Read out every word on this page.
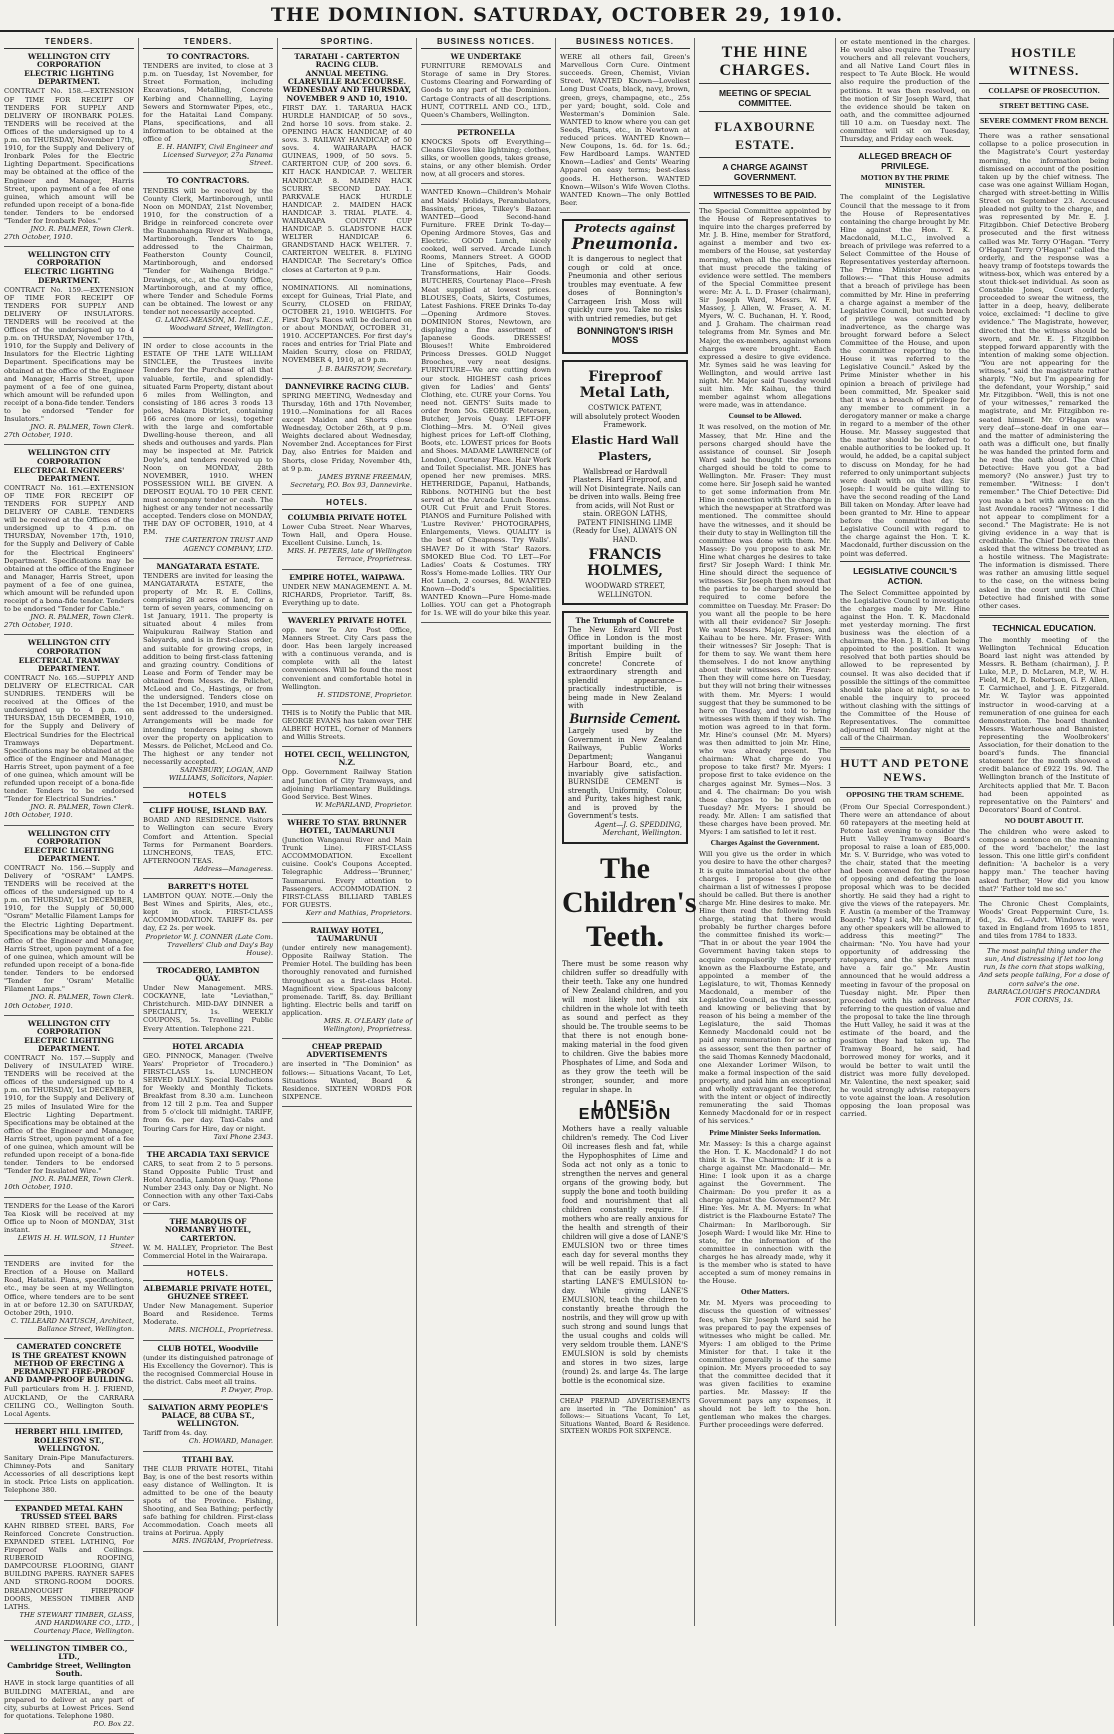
THE DOMINION. SATURDAY, OCTOBER 29, 1910.
TENDERS.
WELLINGTON CITY CORPORATION
ELECTRIC LIGHTING DEPARTMENT.
CONTRACT No. 158.—EXTENSION OF TIME FOR RECEIPT OF TENDERS FOR SUPPLY AND DELIVERY OF IRONBARK POLES. TENDERS will be received at the Offices of the undersigned up to 4 p.m. on THURSDAY, November 17th, 1910, for the Supply and Delivery of Ironbark Poles for the Electric Lighting Department. Specifications may be obtained at the office of the Engineer and Manager, Harris Street, upon payment of a fee of one guinea, which amount will be refunded upon receipt of a bona-fide tender. Tenders to be endorsed "Tender for Ironbark Poles."
JNO. R. PALMER, Town Clerk.
27th October, 1910.
WELLINGTON CITY CORPORATION
ELECTRIC LIGHTING DEPARTMENT.
CONTRACT No. 159.—EXTENSION OF TIME FOR RECEIPT OF TENDERS FOR SUPPLY AND DELIVERY OF INSULATORS. TENDERS will be received at the Offices of the undersigned up to 4 p.m. on THURSDAY, November 17th, 1910, for the Supply and Delivery of Insulators for the Electric Lighting Department. Specifications may be obtained at the office of the Engineer and Manager, Harris Street, upon payment of a fee of one guinea, which amount will be refunded upon receipt of a bona-fide tender. Tenders to be endorsed "Tender for Insulators."
JNO. R. PALMER, Town Clerk.
27th October, 1910.
WELLINGTON CITY CORPORATION
ELECTRICAL ENGINEERS' DEPARTMENT.
CONTRACT No. 161.—EXTENSION OF TIME FOR RECEIPT OF TENDERS FOR SUPPLY AND DELIVERY OF CABLE. TENDERS will be received at the Offices of the undersigned up to 4 p.m. on THURSDAY, November 17th, 1910, for the Supply and Delivery of Cable for the Electrical Engineers' Department. Specifications may be obtained at the office of the Engineer and Manager, Harris Street, upon payment of a fee of one guinea, which amount will be refunded upon receipt of a bona-fide tender. Tenders to be endorsed "Tender for Cable."
JNO. R. PALMER, Town Clerk.
27th October, 1910.
WELLINGTON CITY CORPORATION
ELECTRICAL TRAMWAY DEPARTMENT.
CONTRACT No. 165.—SUPPLY AND DELIVERY OF ELECTRICAL CAR SUNDRIES. TENDERS will be received at the Offices of the undersigned up to 4 p.m. on THURSDAY, 15th DECEMBER, 1910, for the Supply and Delivery of Electrical Sundries for the Electrical Tramways Department. Specifications may be obtained at the office of the Engineer and Manager, Harris Street, upon payment of a fee of one guinea, which amount will be refunded upon receipt of a bona-fide tender. Tenders to be endorsed "Tender for Electrical Sundries."
JNO. R. PALMER, Town Clerk.
10th October, 1910.
WELLINGTON CITY CORPORATION
ELECTRIC LIGHTING DEPARTMENT.
CONTRACT No. 156.—Supply and Delivery of "OSRAM" LAMPS. TENDERS will be received at the offices of the undersigned up to 4 p.m. on THURSDAY, 1st DECEMBER, 1910, for the Supply of 50,000 "Osram" Metallic Filament Lamps for the Electric Lighting Department. Specifications may be obtained at the office of the Engineer and Manager, Harris Street, upon payment of a fee of one guinea, which amount will be refunded upon receipt of a bona-fide tender. Tenders to be endorsed "Tender for 'Osram' Metallic Filament Lamps."
JNO. R. PALMER, Town Clerk.
10th October, 1910.
WELLINGTON CITY CORPORATION
ELECTRIC LIGHTING DEPARTMENT.
CONTRACT No. 157.—Supply and Delivery of INSULATED WIRE. TENDERS will be received at the offices of the undersigned up to 4 p.m. on THURSDAY, 1st DECEMBER, 1910, for the Supply and Delivery of 25 miles of Insulated Wire for the Electric Lighting Department. Specifications may be obtained at the office of the Engineer and Manager, Harris Street, upon payment of a fee of one guinea, which amount will be refunded upon receipt of a bona-fide tender. Tenders to be endorsed "Tender for Insulated Wire."
JNO. R. PALMER, Town Clerk.
10th October, 1910.
TENDERS for the Lease of the Karori Tea Kiosk will be received at my Office up to Noon of MONDAY, 31st instant.
LEWIS H. H. WILSON, 11 Hunter Street.
TENDERS are invited for the Erection of a House on Mallard Road, Hataitai. Plans, specifications, etc., may be seen at my Wellington Office, where tenders are to be sent in at or before 12.30 on SATURDAY, October 29th, 1910.
C. TILLEARD NATUSCH, Architect, Ballance Street, Wellington.
CAMERATED CONCRETE
IS THE GREATEST KNOWN METHOD OF ERECTING A PERMANENT FIRE-PROOF AND DAMP-PROOF BUILDING.
Full particulars from H. J. FRIEND, AUCKLAND, Or the CARRARA CEILING CO., Wellington South. Local Agents.
HERBERT HILL LIMITED,
ROLLESTON ST., WELLINGTON.
Sanitary Drain-Pipe Manufacturers. Chimney-Pots and Sanitary Accessories of all descriptions kept in stock. Price Lists on application. Telephone 380.
EXPANDED METAL KAHN TRUSSED STEEL BARS
KAHN RIBBED STEEL BARS, For Reinforced Concrete Construction. EXPANDED STEEL LATHING, For Fireproof Walls and Ceilings. RUBEROID ROOFING, DAMPCOURSE FLOORING, GIANT BUILDING PAPERS. RAYNER SAFES AND STRONG-ROOM DOORS. DREADNOUGHT FIREPROOF DOORS, MESSON TIMBER AND LATHS.
THE STEWART TIMBER, GLASS, AND HARDWARE CO., LTD., Courtenay Place, Wellington.
WELLINGTON TIMBER CO., LTD.,
Cambridge Street, Wellington South.
HAVE in stock large quantities of all BUILDING MATERIAL, and are prepared to deliver at any part of city, suburbs at Lowest Prices. Send for quotations. Telephone 1980.
P.O. Box 22.
TENDERS.
TO CONTRACTORS.
TENDERS are invited, to close at 3 p.m. on Tuesday, 1st November, for Street Formation, including Excavations, Metalling, Concrete Kerbing and Channelling, Laying Sewers and Stormwater Pipes, etc., for the Hataitai Land Company. Plans, specifications, and all information to be obtained at the office of
E. H. HANIFY, Civil Engineer and Licensed Surveyor, 27a Panama Street.
TO CONTRACTORS.
TENDERS will be received by the County Clerk, Martinborough, until Noon on MONDAY, 21st November, 1910, for the construction of a Bridge in reinforced concrete over the Ruamahanga River at Waihenga, Martinborough. Tenders to be addressed to the Chairman, Featherston County Council, Martinborough, and endorsed "Tender for Waihenga Bridge." Drawings, etc., at the County Office, Martinborough, and at my office, where Tender and Schedule Forms can be obtained. The lowest or any tender not necessarily accepted.
G. LAING-MEASON, M. Inst. C.E., Woodward Street, Wellington.
IN order to close accounts in the ESTATE OF THE LATE WILLIAM SINCLEE, the Trustees invite Tenders for the Purchase of all that valuable, fertile, and splendidly-situated Farm Property, distant about 6 miles from Wellington, and consisting of 186 acres 3 roods 13 poles, Makara District, containing 166 acres (more or less), together with the large and comfortable Dwelling-house thereon, and all sheds and outhouses and yards. Plan may be inspected at Mr. Patrick Doyle's, and tenders received up to Noon on MONDAY, 28th NOVEMBER, 1910. WHEN POSSESSION WILL BE GIVEN. A DEPOSIT EQUAL TO 10 PER CENT. must accompany tender or cash. The highest or any tender not necessarily accepted. Tenders close on MONDAY, THE DAY OF OCTOBER, 1910, at 4 P.M.
THE CARTERTON TRUST AND AGENCY COMPANY, LTD.
MANGATARATA ESTATE.
TENDERS are invited for leasing the MANGATARATA ESTATE, the property of Mr. R. E. Collins, comprising 28 acres of land, for a term of seven years, commencing on 1st January, 1911. The property is situated about 4 miles from Waipukurau Railway Station and Saleyards, and is in first-class order, and suitable for growing crops, in addition to being first-class fattening and grazing country. Conditions of Lease and Form of Tender may be obtained from Messrs. de Pelichet, McLeod and Co., Hastings, or from the undersigned. Tenders close on the 1st December, 1910, and must be sent addressed to the undersigned. Arrangements will be made for intending tenderers being shown over the property on application to Messrs. de Pelichet, McLeod and Co. The highest or any tender not necessarily accepted.
SAINSBURY, LOGAN, AND WILLIAMS, Solicitors, Napier.
HOTELS
CLIFF HOUSE, ISLAND BAY.
BOARD AND RESIDENCE. Visitors to Wellington can secure Every Comfort and Attention. Special Terms for Permanent Boarders. LUNCHEONS, TEAS, ETC. AFTERNOON TEAS.
Address—Manageress.
BARRETT'S HOTEL
LAMBTON QUAY. NOTE.—Only the Best Wines and Spirits, Ales, etc., kept in stock. FIRST-CLASS ACCOMMODATION. TARIFF 8s. per day, £2 2s. per week.
Proprietor W. J. CONNER (Late Com. Travellers' Club and Day's Bay House).
TROCADERO, LAMBTON QUAY.
Under New Management. MRS. COCKAYNE, late "Leviathan," Christchurch. MID-DAY DINNER a SPECIALITY, 1s. WEEKLY COUPONS, 5s. Travelling Public Every Attention. Telephone 221.
HOTEL ARCADIA
GEO. PINNOCK, Manager. (Twelve Years' Proprietor of Trocadero.) FIRST-CLASS 1s. LUNCHEON SERVED DAILY. Special Reductions for Weekly and Monthly Tickets. Breakfast from 8.30 a.m. Luncheon from 12 till 2 p.m. Tea and Supper from 5 o'clock till midnight. TARIFF, from 6s. per day. Taxi-Cabs and Touring Cars for Hire, day or night.
Taxi Phone 2343.
THE ARCADIA TAXI SERVICE
CARS, to seat from 2 to 5 persons. Stand Opposite Public Trust and Hotel Arcadia, Lambton Quay. 'Phone Number 2343 only. Day or Night. No Connection with any other Taxi-Cabs or Cars.
THE MARQUIS OF NORMANBY HOTEL, CARTERTON.
W. M. HALLEY, Proprietor. The Best Commercial Hotel in the Wairarapa.
HOTELS.
ALBEMARLE PRIVATE HOTEL, GHUZNEE STREET.
Under New Management. Superior Board and Residence. Terms Moderate.
MRS. NICHOLL, Proprietress.
CLUB HOTEL, Woodville
(under its distinguished patronage of His Excellency the Governor). This is the recognised Commercial House in the district. Cabs meet all trains.
P. Dwyer, Prop.
SALVATION ARMY PEOPLE'S PALACE, 88 CUBA ST., WELLINGTON.
Tariff from 4s. day.
Ch. HOWARD, Manager.
TITAHI BAY.
THE CLUB PRIVATE HOTEL, Titahi Bay, is one of the best resorts within easy distance of Wellington. It is admitted to be one of the beauty spots of the Province. Fishing, Shooting, and Sea Bathing; perfectly safe bathing for children. First-class Accommodation. Coach meets all trains at Porirua. Apply
MRS. INGRAM, Proprietress.
SPORTING.
TARATAHI - CARTERTON RACING CLUB.
ANNUAL MEETING. CLAREVILLE RACECOURSE. WEDNESDAY AND THURSDAY, NOVEMBER 9 AND 10, 1910.
FIRST DAY. 1. TARARUA HACK HURDLE HANDICAP, of 50 sovs., 2nd horse 10 sovs. from stake. 2. OPENING HACK HANDICAP, of 40 sovs. 3. RAILWAY HANDICAP, of 50 sovs. 4. WAIRARAPA HACK GUINEAS, 1909, of 50 sovs. 5. CARTERTON CUP, of 200 sovs. 6. KIT HACK HANDICAP. 7. WELTER HANDICAP. 8. MAIDEN HACK SCURRY. SECOND DAY. 1. PARKVALE HACK HURDLE HANDICAP. 2. MAIDEN HACK HANDICAP. 3. TRIAL PLATE. 4. WAIRARAPA COUNTY CUP HANDICAP. 5. GLADSTONE HACK WELTER HANDICAP. 6. GRANDSTAND HACK WELTER. 7. CARTERTON WELTER. 8. FLYING HANDICAP. The Secretary's Office closes at Carterton at 9 p.m.
NOMINATIONS. All nominations, except for Guineas, Trial Plate, and Scurry, CLOSED on FRIDAY, OCTOBER 21, 1910. WEIGHTS. For First Day's Races will be declared on or about MONDAY, OCTOBER 31, 1910. ACCEPTANCES. For first day's races and entries for Trial Plate and Maiden Scurry, close on FRIDAY, NOVEMBER 4, 1910, at 9 p.m.
J. B. BAIRSTOW, Secretary.
DANNEVIRKE RACING CLUB.
SPRING MEETING, Wednesday and Thursday, 16th and 17th November, 1910.—Nominations for all Races except Maiden and Shorts close Wednesday, October 26th, at 9 p.m. Weights declared about Wednesday, November 2nd. Acceptances for First Day, also Entries for Maiden and Shorts, close Friday, November 4th, at 9 p.m.
JAMES BYRNE FREEMAN, Secretary, P.O. Box 93, Dannevirke.
HOTELS.
COLUMBIA PRIVATE HOTEL
Lower Cuba Street. Near Wharves, Town Hall, and Opera House. Excellent Cuisine. Lunch, 1s.
MRS. H. PETERS, late of Wellington Terrace, Proprietress.
EMPIRE HOTEL, WAIPAWA.
UNDER NEW MANAGEMENT. A. M. RICHARDS, Proprietor. Tariff, 8s. Everything up to date.
WAVERLEY PRIVATE HOTEL
opp. new Te Aro Post Office, Manners Street. City Cars pass the door. Has been largely increased with a continuous veranda, and is complete with all the latest conveniences. Will be found the most convenient and comfortable hotel in Wellington.
H. STIDSTONE, Proprietor.
THIS is to Notify the Public that MR. GEORGE EVANS has taken over THE ALBERT HOTEL, Corner of Manners and Willis Streets.
HOTEL CECIL, WELLINGTON, N.Z.
Opp. Government Railway Station and Junction of City Tramways, and adjoining Parliamentary Buildings. Good Service. Best Wines.
W. McPARLAND, Proprietor.
WHERE TO STAY. BRUNNER HOTEL, TAUMARUNUI
(Junction Wanganui River and Main Trunk Line). FIRST-CLASS ACCOMMODATION. Excellent cuisine. Cook's Coupons Accepted. Telegraphic Address—'Brunner,' Taumarunui. Every attention to Passengers. ACCOMMODATION. 2 FIRST-CLASS BILLIARD TABLES FOR GUESTS.
Kerr and Mathias, Proprietors.
RAILWAY HOTEL, TAUMARUNUI
(under entirely new management). Opposite Railway Station. The Premier Hotel. The building has been thoroughly renovated and furnished throughout as a first-class Hotel. Magnificent view. Spacious balcony promenade. Tariff, 8s. day. Brilliant lighting. Electric bells and tariff on application.
MRS. R. O'LEARY (late of Wellington), Proprietress.
CHEAP PREPAID ADVERTISEMENTS
are inserted in "The Dominion" as follows:— Situations Vacant, To Let, Situations Wanted, Board & Residence. SIXTEEN WORDS FOR SIXPENCE.
BUSINESS NOTICES.
WE UNDERTAKE
FURNITURE REMOVALS and Storage of same in Dry Stores. Customs Clearing and Forwarding of Goods to any part of the Dominion. Cartage Contracts of all descriptions. HUNT, COTTRELL AND CO., LTD., Queen's Chambers, Wellington.
PETRONELLA
KNOCKS Spots off Everything—Cleans Gloves like lightning; clothes, silks, or woollen goods, takes grease, stains, or any other blemish. Order now, at all grocers and stores.
WANTED Known—Children's Mohair and Maids' Holidays, Perambulators, Bassinets, prices, Tilkey's Bazaar. WANTED—Good Second-hand Furniture. FREE Drink To-day—Opening Ardmore Stoves, Gas and Electric. GOOD Lunch, nicely cooked, well served. Arcade Lunch Rooms, Manners Street. A GOOD Line of Spitches, Pads, and Transformations, Hair Goods. BUTCHERS, Courtenay Place—Fresh Meat supplied at lowest prices. BLOUSES, Coats, Skirts, Costumes, Latest Fashions. FREE Drinks To-day—Opening Ardmore Stoves. DOMINION Stores, Newtown, are displaying a fine assortment of Japanese Goods. DRESSES! Blouses!! White Embroidered Princess Dresses. GOLD Nugget Brooches, very neat designs. FURNITURE—We are cutting down our stock. HIGHEST cash prices given for Ladies' and Gents' Clothing, etc. CURE your Corns. You need not. GENTS' Suits made to order from 50s. GEORGE Petersen, Butcher, Jervois Quay. LEFT-OFF Clothing—Mrs. M. O'Neil gives highest prices for Left-off Clothing, Boots, etc. LOWEST prices for Boots and Shoes. MADAME LAWRENCE (of London), Courtenay Place. Hair Work and Toilet Specialist. MR. JONES has opened her new premises. MRS. HETHERIDGE, Papanui, Hatbands, Ribbons. NOTHING but the best served at the Arcade Lunch Rooms. OUR Cut Fruit and Fruit Stores. PIANOS and Furniture Polished with 'Lustre Reviver.' PHOTOGRAPHS, Enlargements, Views. QUALITY is the best of Cheapness. Try Walls'. SHAVE? Do it with 'Star' Razors. SMOKED Blue Cod. TO LET—For Ladies' Coats & Costumes. TRY Ross's Home-made Lollies. TRY Our Hot Lunch, 2 courses, 8d. WANTED Known—Dodd's Specialities. WANTED Known—Pure Home-made Lollies. YOU can get a Photograph for 1s. WE will do your bike this year.
BUSINESS NOTICES.
WERE all others fail, Green's Marvellous Corn Cure. Ointment succeeds. Green, Chemist, Vivian Street. WANTED Known—Loveliest Long Dust Coats, black, navy, brown, green, greys, champagne, etc., 25s per yard; bought, sold. Cole and Westerman's Dominion Sale. WANTED to know where you can get Seeds, Plants, etc., in Newtown at reduced prices. WANTED Known—New Coupons, 1s. 6d. for 1s. 6d.; Few Hardboard Lamps. WANTED Known—Ladies' and Gents' Wearing Apparel on easy terms; best-class goods. H. Hetherson. WANTED Known—Wilson's Wife Woven Cloths. WANTED Known—The only Bottled Beer.
Protects against
Pneumonia.
It is dangerous to neglect that cough or cold at once. Pneumonia and other serious troubles may eventuate. A few doses of Bonnington's Carrageen Irish Moss will quickly cure you. Take no risks with untried remedies, but get
BONNINGTON'S IRISH MOSS
Fireproof Metal Lath,
COSTWICK PATENT,
will absolutely protect Wooden Framework.
Elastic Hard Wall Plasters,
Wallsbread or Hardwall Plasters. Hard Fireproof, and will Not Disintegrate. Nails can be driven into walls. Being free from acids, will Not Rust or stain. OREGON LATHS, PATENT FINISHING LIME (Ready for Use), ALWAYS ON HAND.
FRANCIS HOLMES,
WOODWARD STREET, WELLINGTON.
The Triumph of Concrete
The New Edward VII Post Office in London is the most important building in the British Empire built of concrete! Concrete of extraordinary strength and splendid appearance—practically indestructible, is being made in New Zealand with
Burnside Cement.
Largely used by the Government in New Zealand Railways, Public Works Department; Wanganui Harbour Board, etc., and invariably give satisfaction. BURNSIDE CEMENT is strength, Uniformity, Colour, and Purity, takes highest rank, and is proved by the Government's tests.
Agent—J. G. SPEDDING, Merchant, Wellington.
The Children's Teeth.
There must be some reason why children suffer so dreadfully with their teeth. Take any one hundred of New Zealand children, and you will most likely not find six children in the whole lot with teeth as sound and perfect as they should be. The trouble seems to be that there is not enough bone-making material in the food given to children. Give the babies more Phosphates of Lime, and Soda and as they grow the teeth will be stronger, sounder, and more regular in shape. In
LANE'S EMULSION
Mothers have a really valuable children's remedy. The Cod Liver Oil increases flesh and fat, while the Hypophosphites of Lime and Soda act not only as a tonic to strengthen the nerves and general organs of the growing body, but supply the bone and tooth building food and nourishment that all children constantly require. If mothers who are really anxious for the health and strength of their children will give a dose of LANE'S EMULSION two or three times each day for several months they will be well repaid. This is a fact that can be easily proven by starting LANE'S EMULSION to-day. While giving LANE'S EMULSION, teach the children to constantly breathe through the nostrils, and they will grow up with such strong and sound lungs that the usual coughs and colds will very seldom trouble them. LANE'S EMULSION is sold by chemists and stores in two sizes, large (round) 2s. and large 4s. The large bottle is the economical size.
CHEAP PREPAID ADVERTISEMENTS are inserted in "The Dominion" as follows:— Situations Vacant, To Let, Situations Wanted, Board & Residence. SIXTEEN WORDS FOR SIXPENCE.
THE HINE CHARGES.
MEETING OF SPECIAL COMMITTEE.
FLAXBOURNE ESTATE.
A CHARGE AGAINST GOVERNMENT.
WITNESSES TO BE PAID.

The Special Committee appointed by the House of Representatives to inquire into the charges preferred by Mr. J. B. Hine, member for Stratford, against a member and two ex-members of the House, sat yesterday morning, when all the preliminaries that must precede the taking of evidence were settled. The members of the Special Committee present were: Mr. A. L. D. Fraser (chairman), Sir Joseph Ward, Messrs. W. F. Massey, J. Allen, W. Fraser, A. M. Myers, W. C. Buchanan, H. Y. Rood, and J. Graham. The chairman read telegrams from Mr. Symes and Mr. Major, the ex-members, against whom charges were brought. Each expressed a desire to give evidence. Mr. Symes said he was leaving for Wellington, and would arrive last night. Mr. Major said Tuesday would suit him. Mr. Kaihau, the third member against whom allegations were made, was in attendance.

Counsel to be Allowed.

It was resolved, on the motion of Mr. Massey, that Mr. Hine and the persons charged should have the assistance of counsel. Sir Joseph Ward said he thought the persons charged should be told to come to Wellington. Mr. Fraser: They must come here. Sir Joseph said he wanted to get some information from Mr. Hine in connection with the charge in which the newspaper at Stratford was mentioned. The committee should have the witnesses, and it should be their duty to stay in Wellington till the committee was done with them. Mr. Massey: Do you propose to ask Mr. Hine what charges he desires to take first? Sir Joseph Ward: I think Mr. Hine should direct the sequence of witnesses. Sir Joseph then moved that the parties to be charged should be required to come before the committee on Tuesday. Mr. Fraser: Do you want all the people to be here with all their evidence? Sir Joseph: We want Messrs. Major, Symes, and Kaihau to be here. Mr. Fraser: With their witnesses? Sir Joseph: That is for them to say. We want them here themselves. I do not know anything about their witnesses. Mr. Fraser: Then they will come here on Tuesday, but they will not bring their witnesses with them. Mr. Myers: I would suggest that they be summoned to be here on Tuesday, and told to bring witnesses with them if they wish. The motion was agreed to in that form. Mr. Hine's counsel (Mr. M. Myers) was then admitted to join Mr. Hine, who was already present. The chairman: What charge do you propose to take first? Mr. Myers: I propose first to take evidence on the charges against Mr. Symes—Nos. 3 and 4. The chairman: Do you wish these charges to be proved on Tuesday? Mr. Myers: I should be ready. Mr. Allen: I am satisfied that these charges have been proved. Mr. Myers: I am satisfied to let it rest.

Charges Against the Government.

Will you give us the order in which you desire to have the other charges? It is quite immaterial about the other charges. I propose to give the chairman a list of witnesses I propose should be called. But there is another charge Mr. Hine desires to make. Mr. Hine then read the following fresh charge, stating that there would probably be further charges before the committee finished its work:— "That in or about the year 1904 the Government having taken steps to acquire compulsorily the property known as the Flaxbourne Estate, and appointed a member of the Legislature, to wit, Thomas Kennedy Macdonald, a member of the Legislative Council, as their assessor, and knowing or believing that by reason of his being a member of the Legislature, the said Thomas Kennedy Macdonald could not be paid any remuneration for so acting as assessor, sent the then partner of the said Thomas Kennedy Macdonald, one Alexander Lorimer Wilson, to make a formal inspection of the said property, and paid him an exceptional and wholly extravagant fee therefor, with the intent or object of indirectly remunerating the said Thomas Kennedy Macdonald for or in respect of his services."

Prime Minister Seeks Information.

Mr. Massey: Is this a charge against the Hon. T. K. Macdonald? I do not think it is. The Chairman: If it is a charge against Mr. Macdonald— Mr. Hine: I look upon it as a charge against the Government. The Chairman: Do you prefer it as a charge against the Government? Mr. Hine: Yes. Mr. A. M. Myers: In what district is the Flaxbourne Estate? The Chairman: In Marlborough. Sir Joseph Ward: I would like Mr. Hine to state, for the information of the committee in connection with the charges he has already made, why it is the member who is stated to have accepted a sum of money remains in the House.

Other Matters.

Mr. M. Myers was proceeding to discuss the question of witnesses' fees, when Sir Joseph Ward said he was prepared to pay the expenses of witnesses who might be called. Mr. Myers: I am obliged to the Prime Minister for that. I take it the committee generally is of the same opinion. Mr. Myers proceeded to say that the committee decided that it was given facilities to examine parties. Mr. Massey: If the Government pays any expenses, it should not be left to the hon. gentleman who makes the charges. Further proceedings were deferred.

or estate mentioned in the charges. He would also require the Treasury vouchers and all relevant vouchers, and all Native Land Court files in respect to Te Aute Block. He would also require the production of the petitions. It was then resolved, on the motion of Sir Joseph Ward, that the evidence should be taken on oath, and the committee adjourned till 10 a.m. on Tuesday next. The committee will sit on Tuesday, Thursday, and Friday each week.

ALLEGED BREACH OF PRIVILEGE.
MOTION BY THE PRIME MINISTER.

The complaint of the Legislative Council that the message to it from the House of Representatives containing the charge brought by Mr. Hine against the Hon. T. K. Macdonald, M.L.C., involved a breach of privilege was referred to a Select Committee of the House of Representatives yesterday afternoon. The Prime Minister moved as follows:— "That this House admits that a breach of privilege has been committed by Mr. Hine in preferring a charge against a member of the Legislative Council, but such breach of privilege was committed by inadvertence, as the charge was brought forward before a Select Committee of the House, and upon the committee reporting to the House it was referred to the Legislative Council." Asked by the Prime Minister whether in his opinion a breach of privilege had been committed, Mr. Speaker said that it was a breach of privilege for any member to comment in a derogatory manner or make a charge in regard to a member of the other House. Mr. Massey suggested that the matter should be deferred to enable authorities to be looked up. It would, he added, be a capital subject to discuss on Monday, for he had referred to only unimportant subjects were dealt with on that day. Sir Joseph: I would be quite willing to have the second reading of the Land Bill taken on Monday. After leave had been granted to Mr. Hine to appear before the committee of the Legislative Council with regard to the charge against the Hon. T. K. Macdonald, further discussion on the point was deferred.

LEGISLATIVE COUNCIL'S ACTION.

The Select Committee appointed by the Legislative Council to investigate the charges made by Mr. Hine against the Hon. T. K. Macdonald met yesterday morning. The first business was the election of a chairman, the Hon. J. B. Callan being appointed to the position. It was resolved that both parties should be allowed to be represented by counsel. It was also decided that if possible the sittings of the committee should take place at night, so as to enable the inquiry to proceed without clashing with the sittings of the Committee of the House of Representatives. The committee adjourned till Monday night at the call of the Chairman.

HUTT AND PETONE NEWS.
OPPOSING THE TRAM SCHEME.

(From Our Special Correspondent.) There were an attendance of about 60 ratepayers at the meeting held at Petone last evening to consider the Hutt Valley Tramway Board's proposal to raise a loan of £85,000. Mr. S. V. Burridge, who was voted to the chair, stated that the meeting had been convened for the purpose of opposing and defeating the loan proposal which was to be decided shortly. He said they had a right to give the views of the ratepayers. Mr. F. Austin (a member of the Tramway Board): "May I ask, Mr. Chairman, if any other speakers will be allowed to address this meeting?" The chairman: "No. You have had your opportunity of addressing the ratepayers, and the speakers must have a fair go." Mr. Austin announced that he would address a meeting in favour of the proposal on Tuesday night. Mr. Piper then proceeded with his address. After referring to the question of value and the proposal to take the line through the Hutt Valley, he said it was at the estimate of the board, and the position they had taken up. The Tramway Board, he said, had borrowed money for works, and it would be better to wait until the district was more fully developed. Mr. Valentine, the next speaker, said he would strongly advise ratepayers to vote against the loan. A resolution opposing the loan proposal was carried.

HOSTILE WITNESS.
COLLAPSE OF PROSECUTION.
STREET BETTING CASE.
SEVERE COMMENT FROM BENCH.

There was a rather sensational collapse to a police prosecution in the Magistrate's Court yesterday morning, the information being dismissed on account of the position taken up by the chief witness. The case was one against William Hogan, charged with street-betting in Willis Street on September 23. Accused pleaded not guilty to the charge, and was represented by Mr. E. J. Fitzgibbon. Chief Detective Broberg prosecuted and the first witness called was Mr. Terry O'Hagan. "Terry O'Hagan! Terry O'Hagan!" called the orderly, and the response was a heavy tramp of footsteps towards the witness-box, which was entered by a stout thick-set individual. As soon as Constable Jones, Court orderly, proceeded to swear the witness, the latter in a deep, heavy, deliberate voice, exclaimed: "I decline to give evidence." The Magistrate, however, directed that the witness should be sworn, and Mr. E. J. Fitzgibbon stepped forward apparently with the intention of making some objection. "You are not appearing for the witness," said the magistrate rather sharply. "No, but I'm appearing for the defendant, your Worship," said Mr. Fitzgibbon. "Well, this is not one of your witnesses," remarked the magistrate, and Mr. Fitzgibbon re-seated himself. Mr. O'Hagan was very deaf—stone-deaf in one ear—and the matter of administering the oath was a difficult one, but finally he was handed the printed form and he read the oath aloud. The Chief Detective: Have you got a bad memory? (No answer.) Just try to remember. "Witness: I don't remember." The Chief Detective: Did you make a bet with anyone on the last Avondale races? "Witness: I did not appear to compliment for a second." The Magistrate: He is not giving evidence in a way that is creditable. The Chief Detective then asked that the witness be treated as a hostile witness. The Magistrate: The information is dismissed. There was rather an amusing little sequel to the case, on the witness being asked in the court until the Chief Detective had finished with some other cases.

TECHNICAL EDUCATION.

The monthly meeting of the Wellington Technical Education Board last night was attended by Messrs. R. Betham (chairman), J. P. Luke, M.P., D. McLaren, M.P., W. H. Field, M.P., D. Robertson, G. F. Allen, T. Carmichael, and J. E. Fitzgerald. Mr. W. Taylor was appointed instructor in wood-carving at a remuneration of one guinea for each demonstration. The board thanked Messrs. Waterhouse and Bannister, representing the Woolbrokers' Association, for their donation to the board's funds. The financial statement for the month showed a credit balance of £922 19s. 9d. The Wellington branch of the Institute of Architects applied that Mr. T. Bacon had been appointed as representative on the Painters' and Decorators' Board of Control.

NO DOUBT ABOUT IT.

The children who were asked to compose a sentence on the meaning of the word 'bachelor,' the last lesson. This one little girl's confident definition: 'A bachelor is a very happy man.' The teacher having asked further, 'How did you know that?' 'Father told me so.'

The Chronic Chest Complaints, Woods' Great Peppermint Cure, 1s. 6d., 2s. 6d.—Advt. Windows were taxed in England from 1695 to 1851, and tiles from 1784 to 1833.

The most painful thing under the sun, And distressing if let too long run, Is the corn that stops walking, And sets people talking, For a dose of corn salve's the one. BARRACLOUGH'S PROCANDRA FOR CORNS, 1s.
